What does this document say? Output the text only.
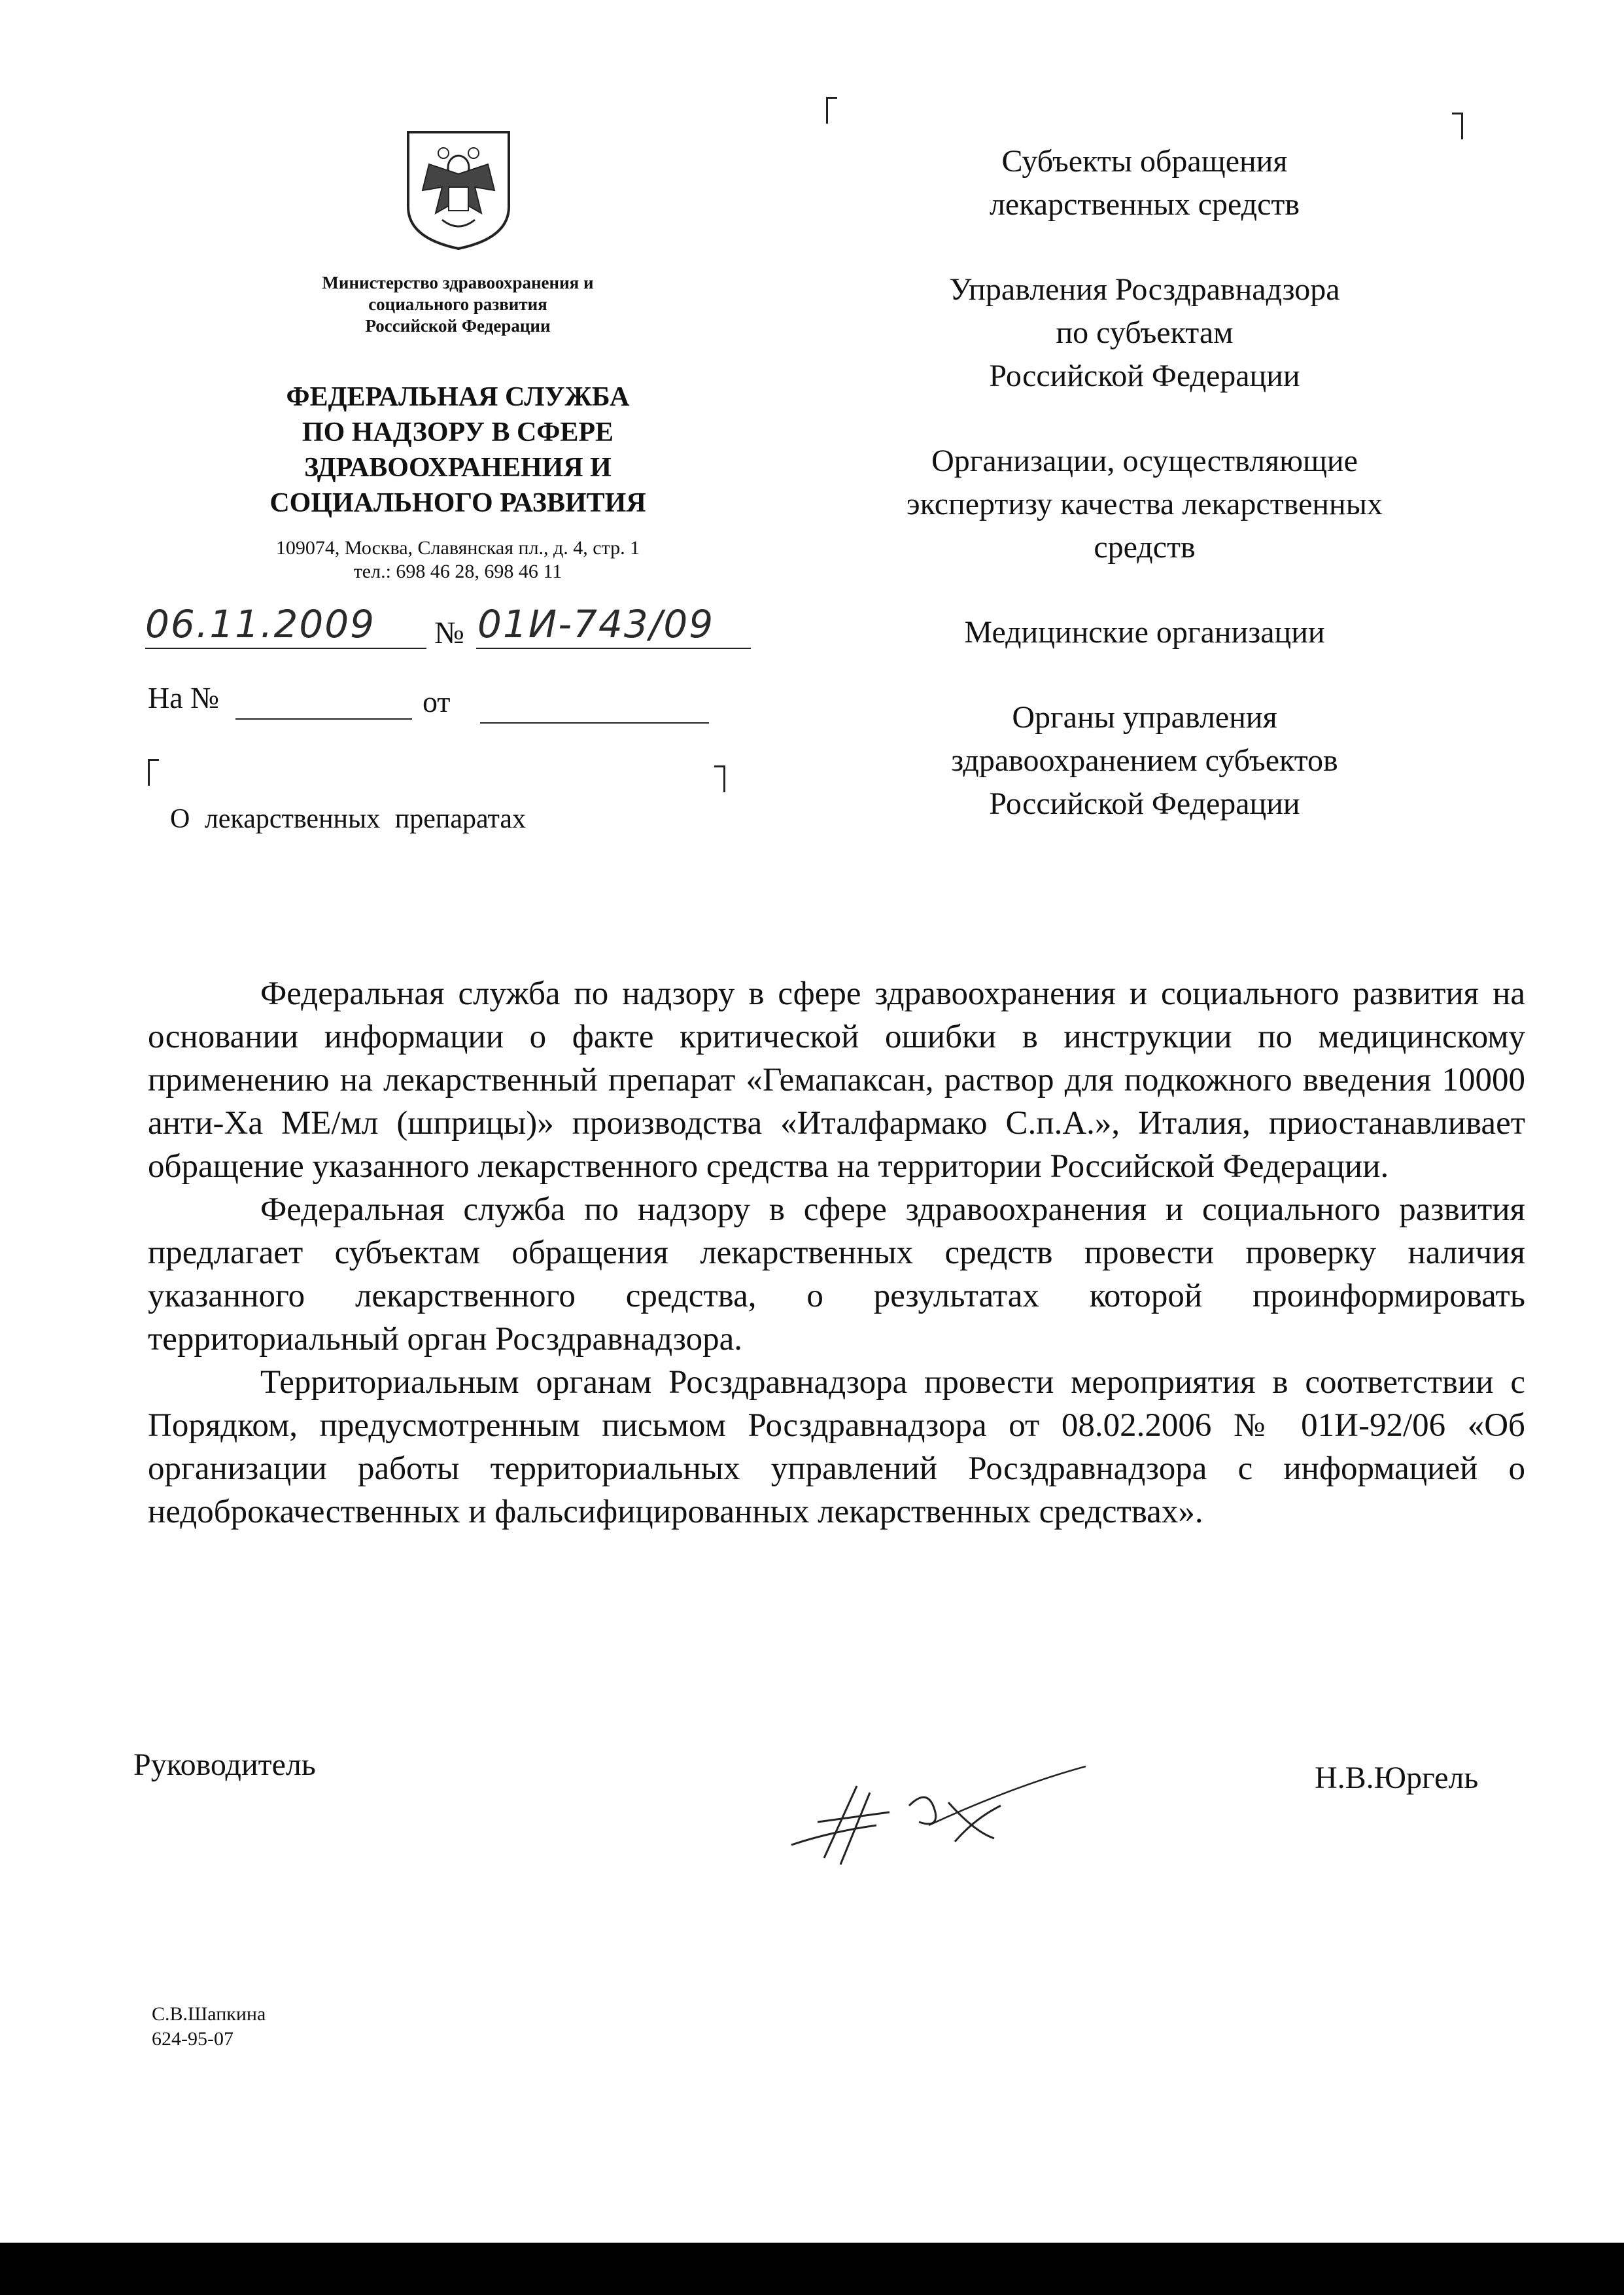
Министерство здравоохранения и
социального развития
Российской Федерации
ФЕДЕРАЛЬНАЯ СЛУЖБА
ПО НАДЗОРУ В СФЕРЕ
ЗДРАВООХРАНЕНИЯ И
СОЦИАЛЬНОГО РАЗВИТИЯ
109074, Москва, Славянская пл., д. 4, стр. 1
тел.: 698 46 28, 698 46 11
06.11.2009 № 01И-743/09
На №	от
О лекарственных препаратах
Субъекты обращения
лекарственных средств
Управления Росздравнадзора
по субъектам
Российской Федерации
Организации, осуществляющие
экспертизу качества лекарственных
средств
Медицинские организации
Органы управления
здравоохранением субъектов
Российской Федерации

Федеральная служба по надзору в сфере здравоохранения и социального развития на основании информации о факте критической ошибки в инструкции по медицинскому применению на лекарственный препарат «Гемапаксан, раствор для подкожного введения 10000 анти-Ха МЕ/мл (шприцы)» производства «Италфармако С.п.А.», Италия, приостанавливает обращение указанного лекарственного средства на территории Российской Федерации.

Федеральная служба по надзору в сфере здравоохранения и социального развития предлагает субъектам обращения лекарственных средств провести проверку наличия указанного лекарственного средства, о результатах которой проинформировать территориальный орган Росздравнадзора.

Территориальным органам Росздравнадзора провести мероприятия в соответствии с Порядком, предусмотренным письмом Росздравнадзора от 08.02.2006 № 01И-92/06 «Об организации работы территориальных управлений Росздравнадзора с информацией о недоброкачественных и фальсифицированных лекарственных средствах».

Руководитель	Н.В.Юргель
С.В.Шапкина
624-95-07
